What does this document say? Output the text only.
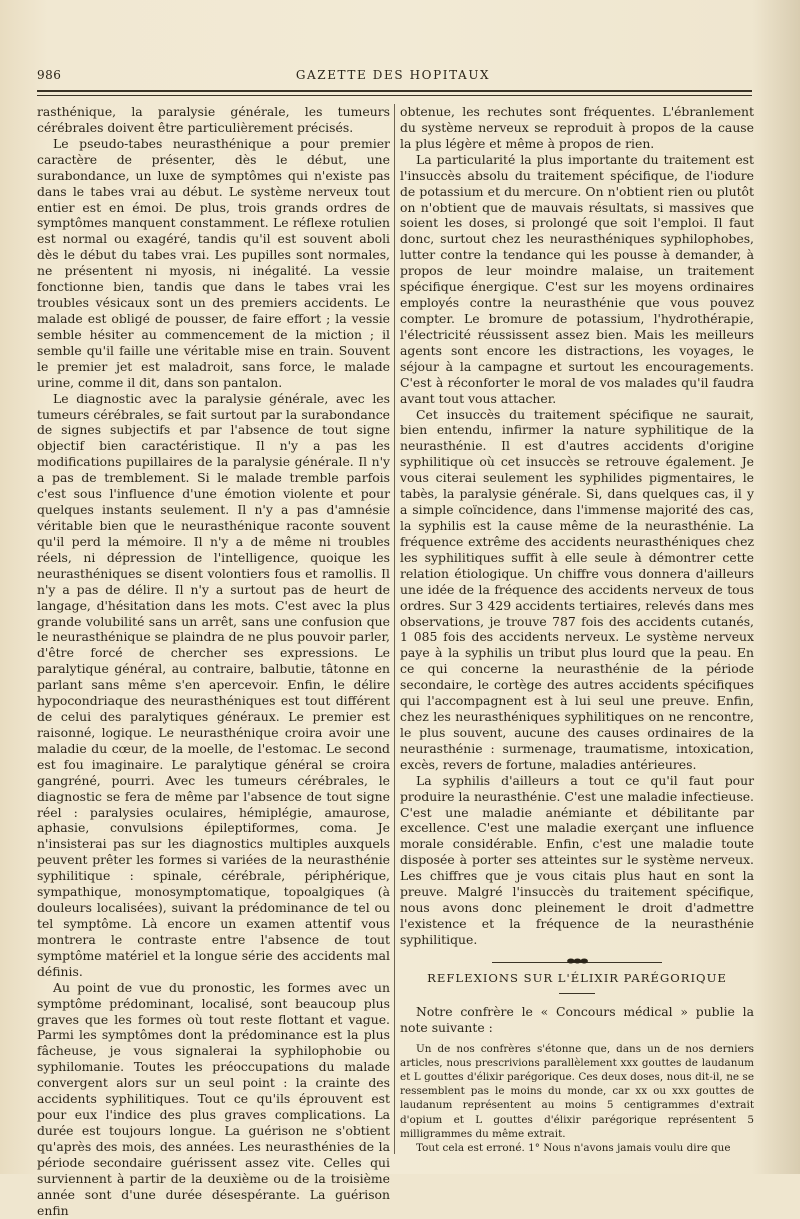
986	GAZETTE DES HOPITAUX

rasthénique, la paralysie générale, les tumeurs cérébrales doivent être particulièrement précisés.

Le pseudo-tabes neurasthénique a pour premier caractère de présenter, dès le début, une surabondance, un luxe de symptômes qui n'existe pas dans le tabes vrai au début. Le système nerveux tout entier est en émoi. De plus, trois grands ordres de symptômes manquent constamment. Le réflexe rotulien est normal ou exagéré, tandis qu'il est souvent aboli dès le début du tabes vrai. Les pupilles sont normales, ne présentent ni myosis, ni inégalité. La vessie fonctionne bien, tandis que dans le tabes vrai les troubles vésicaux sont un des premiers accidents. Le malade est obligé de pousser, de faire effort ; la vessie semble hésiter au commencement de la miction ; il semble qu'il faille une véritable mise en train. Souvent le premier jet est maladroit, sans force, le malade urine, comme il dit, dans son pantalon.

Le diagnostic avec la paralysie générale, avec les tumeurs cérébrales, se fait surtout par la surabondance de signes subjectifs et par l'absence de tout signe objectif bien caractéristique. Il n'y a pas les modifications pupillaires de la paralysie générale. Il n'y a pas de tremblement. Si le malade tremble parfois c'est sous l'influence d'une émotion violente et pour quelques instants seulement. Il n'y a pas d'amnésie véritable bien que le neurasthénique raconte souvent qu'il perd la mémoire. Il n'y a de même ni troubles réels, ni dépression de l'intelligence, quoique les neurasthéniques se disent volontiers fous et ramollis. Il n'y a pas de délire. Il n'y a surtout pas de heurt de langage, d'hésitation dans les mots. C'est avec la plus grande volubilité sans un arrêt, sans une confusion que le neurasthénique se plaindra de ne plus pouvoir parler, d'être forcé de chercher ses expressions. Le paralytique général, au contraire, balbutie, tâtonne en parlant sans même s'en apercevoir. Enfin, le délire hypocondriaque des neurasthéniques est tout différent de celui des paralytiques généraux. Le premier est raisonné, logique. Le neurasthénique croira avoir une maladie du cœur, de la moelle, de l'estomac. Le second est fou imaginaire. Le paralytique général se croira gangréné, pourri. Avec les tumeurs cérébrales, le diagnostic se fera de même par l'absence de tout signe réel : paralysies oculaires, hémiplégie, amaurose, aphasie, convulsions épileptiformes, coma. Je n'insisterai pas sur les diagnostics multiples auxquels peuvent prêter les formes si variées de la neurasthénie syphilitique : spinale, cérébrale, périphérique, sympathique, monosymptomatique, topoalgiques (à douleurs localisées), suivant la prédominance de tel ou tel symptôme. Là encore un examen attentif vous montrera le contraste entre l'absence de tout symptôme matériel et la longue série des accidents mal définis.

Au point de vue du pronostic, les formes avec un symptôme prédominant, localisé, sont beaucoup plus graves que les formes où tout reste flottant et vague. Parmi les symptômes dont la prédominance est la plus fâcheuse, je vous signalerai la syphilophobie ou syphilomanie. Toutes les préoccupations du malade convergent alors sur un seul point : la crainte des accidents syphilitiques. Tout ce qu'ils éprouvent est pour eux l'indice des plus graves complications. La durée est toujours longue. La guérison ne s'obtient qu'après des mois, des années. Les neurasthénies de la période secondaire guérissent assez vite. Celles qui surviennent à partir de la deuxième ou de la troisième année sont d'une durée désespérante. La guérison enfin

obtenue, les rechutes sont fréquentes. L'ébranlement du système nerveux se reproduit à propos de la cause la plus légère et même à propos de rien.

La particularité la plus importante du traitement est l'insuccès absolu du traitement spécifique, de l'iodure de potassium et du mercure. On n'obtient rien ou plutôt on n'obtient que de mauvais résultats, si massives que soient les doses, si prolongé que soit l'emploi. Il faut donc, surtout chez les neurasthéniques syphilophobes, lutter contre la tendance qui les pousse à demander, à propos de leur moindre malaise, un traitement spécifique énergique. C'est sur les moyens ordinaires employés contre la neurasthénie que vous pouvez compter. Le bromure de potassium, l'hydrothérapie, l'électricité réussissent assez bien. Mais les meilleurs agents sont encore les distractions, les voyages, le séjour à la campagne et surtout les encouragements. C'est à réconforter le moral de vos malades qu'il faudra avant tout vous attacher.

Cet insuccès du traitement spécifique ne saurait, bien entendu, infirmer la nature syphilitique de la neurasthénie. Il est d'autres accidents d'origine syphilitique où cet insuccès se retrouve également. Je vous citerai seulement les syphilides pigmentaires, le tabès, la paralysie générale. Si, dans quelques cas, il y a simple coïncidence, dans l'immense majorité des cas, la syphilis est la cause même de la neurasthénie. La fréquence extrême des accidents neurasthéniques chez les syphilitiques suffit à elle seule à démontrer cette relation étiologique. Un chiffre vous donnera d'ailleurs une idée de la fréquence des accidents nerveux de tous ordres. Sur 3 429 accidents tertiaires, relevés dans mes observations, je trouve 787 fois des accidents cutanés, 1 085 fois des accidents nerveux. Le système nerveux paye à la syphilis un tribut plus lourd que la peau. En ce qui concerne la neurasthénie de la période secondaire, le cortège des autres accidents spécifiques qui l'accompagnent est à lui seul une preuve. Enfin, chez les neurasthéniques syphilitiques on ne rencontre, le plus souvent, aucune des causes ordinaires de la neurasthénie : surmenage, traumatisme, intoxication, excès, revers de fortune, maladies antérieures.

La syphilis d'ailleurs a tout ce qu'il faut pour produire la neurasthénie. C'est une maladie infectieuse. C'est une maladie anémiante et débilitante par excellence. C'est une maladie exerçant une influence morale considérable. Enfin, c'est une maladie toute disposée à porter ses atteintes sur le système nerveux. Les chiffres que je vous citais plus haut en sont la preuve. Malgré l'insuccès du traitement spécifique, nous avons donc pleinement le droit d'admettre l'existence et la fréquence de la neurasthénie syphilitique.

⬬⬬⬬
REFLEXIONS SUR L'ÉLIXIR PARÉGORIQUE

Notre confrère le « Concours médical » publie la note suivante :

Un de nos confrères s'étonne que, dans un de nos derniers articles, nous prescrivions parallèlement xxx gouttes de laudanum et L gouttes d'élixir parégorique. Ces deux doses, nous dit-il, ne se ressemblent pas le moins du monde, car xx ou xxx gouttes de laudanum représentent au moins 5 centigrammes d'extrait d'opium et L gouttes d'élixir parégorique représentent 5 milligrammes du même extrait.

Tout cela est erroné. 1° Nous n'avons jamais voulu dire que
